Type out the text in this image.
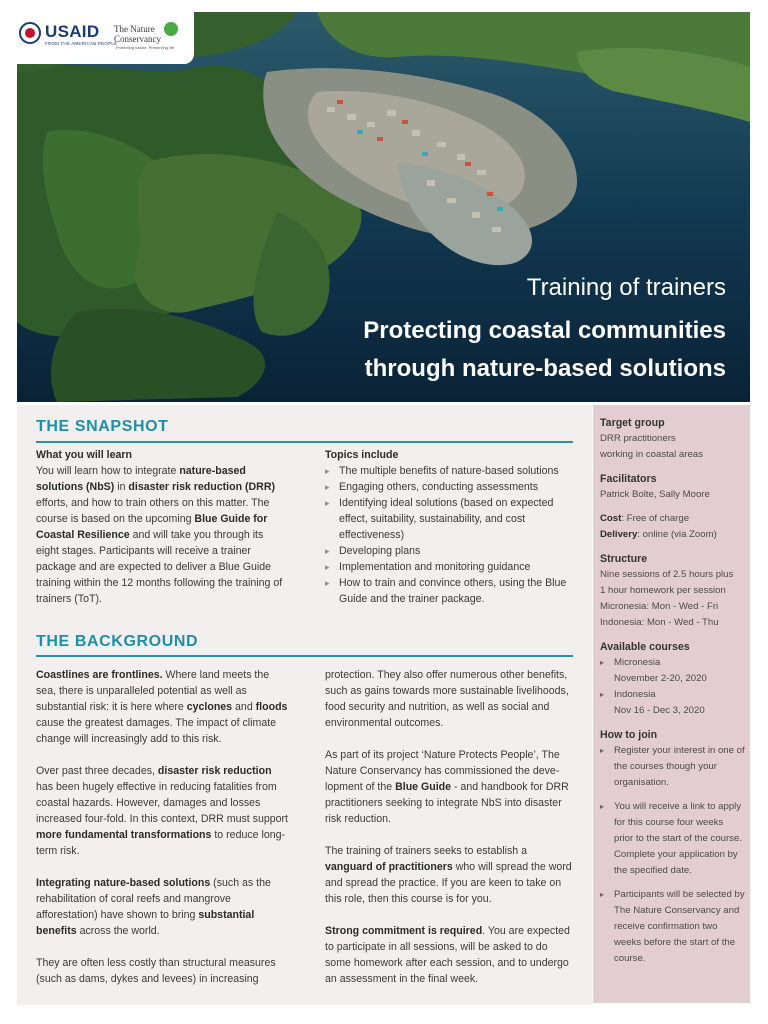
USAID
FROM THE AMERICAN PEOPLE
The Nature Conservancy
Protecting nature. Preserving life.
Training of trainers
Protecting coastal communities
through nature-based solutions
THE SNAPSHOT
What you will learn
You will learn how to integrate nature-based solutions (NbS) in disaster risk reduction (DRR) efforts, and how to train others on this matter. The course is based on the upcoming Blue Guide for Coastal Resilience and will take you through its eight stages. Participants will receive a trainer package and are expected to deliver a Blue Guide training within the 12 months following the training of trainers (ToT).
Topics include
▸ The multiple benefits of nature-based solutions
▸ Engaging others, conducting assessments
▸ Identifying ideal solutions (based on expected effect, suitability, sustainability, and cost effectiveness)
▸ Developing plans
▸ Implementation and monitoring guidance
▸ How to train and convince others, using the Blue Guide and the trainer package.
THE BACKGROUND

Coastlines are frontlines. Where land meets the sea, there is unparalleled potential as well as substantial risk: it is here where cyclones and floods cause the greatest damages. The impact of climate change will increasingly add to this risk.

Over past three decades, disaster risk reduction has been hugely effective in reducing fatalities from coastal hazards. However, damages and losses increased four-fold. In this context, DRR must support more fundamental transformations to reduce long-term risk.

Integrating nature-based solutions (such as the rehabilitation of coral reefs and mangrove afforestation) have shown to bring substantial benefits across the world.

They are often less costly than structural measures (such as dams, dykes and levees) in increasing

protection. They also offer numerous other benefits, such as gains towards more sustainable livelihoods, food security and nutrition, as well as social and environmental outcomes.

As part of its project ‘Nature Protects People’, The Nature Conservancy has commissioned the deve-lopment of the Blue Guide - and handbook for DRR practitioners seeking to integrate NbS into disaster risk reduction.

The training of trainers seeks to establish a vanguard of practitioners who will spread the word and spread the practice. If you are keen to take on this role, then this course is for you.

Strong commitment is required. You are expected to participate in all sessions, will be asked to do some homework after each session, and to undergo an assessment in the final week.

Target group
DRR practitioners
working in coastal areas
Facilitators
Patrick Bolte, Sally Moore
Cost: Free of charge
Delivery: online (via Zoom)
Structure
Nine sessions of 2.5 hours plus
1 hour homework per session
Micronesia: Mon - Wed - Fri
Indonesia: Mon - Wed - Thu
Available courses
▸ Micronesia
November 2-20, 2020
▸ Indonesia
Nov 16 - Dec 3, 2020
How to join
▸ Register your interest in one of the courses though your organisation.
▸ You will receive a link to apply for this course four weeks prior to the start of the course. Complete your application by the specified date.
▸ Participants will be selected by The Nature Conservancy and receive confirmation two weeks before the start of the course.
